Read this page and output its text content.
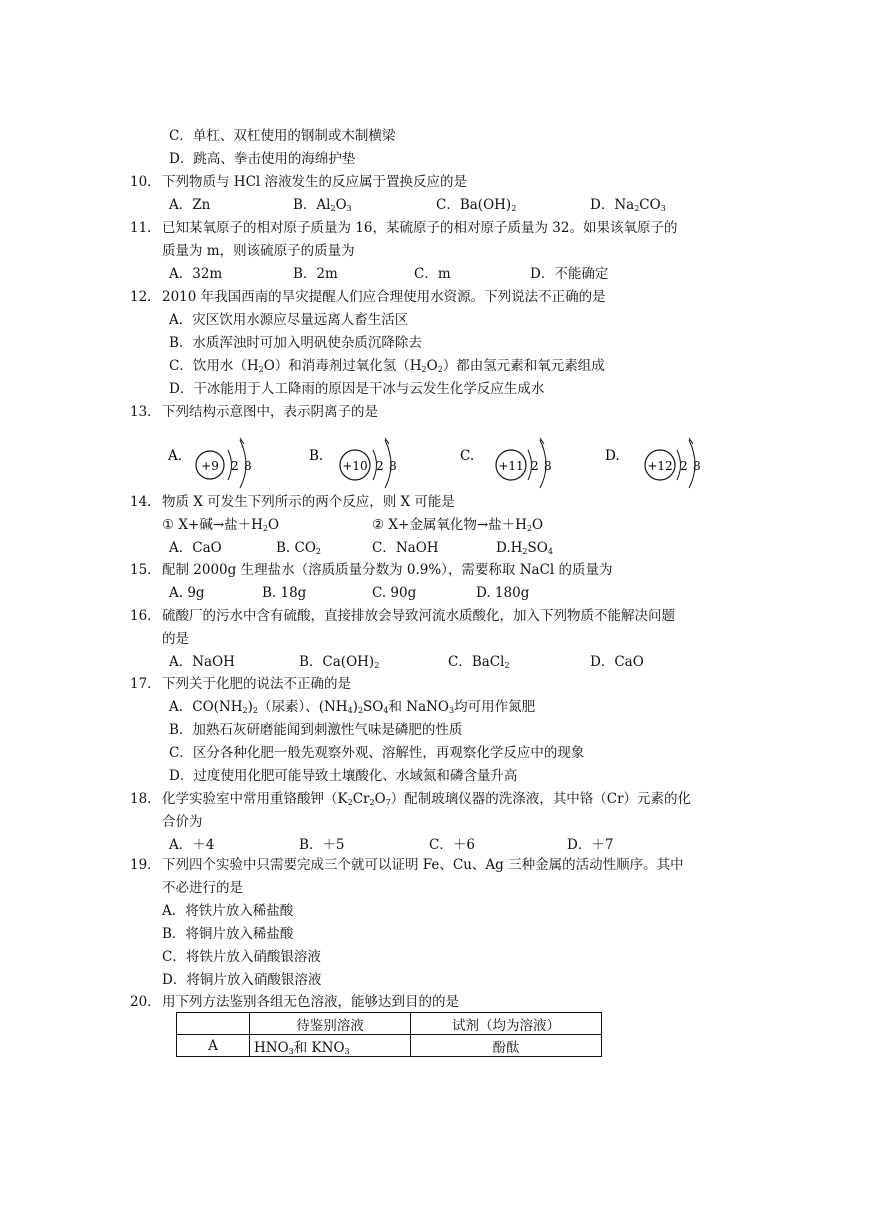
C．单杠、双杠使用的钢制或木制横梁
D．跳高、拳击使用的海绵护垫
10． 下列物质与 HCl 溶液发生的反应属于置换反应的是
A．Zn	B．$Al_2O_3$	C．$Ba(OH)_2$	D．$Na_2CO_3$
11． 已知某氧原子的相对原子质量为 16，某硫原子的相对原子质量为 32。如果该氧原子的
质量为 m，则该硫原子的质量为
A．32m	B．2m	C．m	D．不能确定
12． 2010 年我国西南的旱灾提醒人们应合理使用水资源。下列说法不正确的是
A．灾区饮用水源应尽量远离人畜生活区
B．水质浑浊时可加入明矾使杂质沉降除去
C．饮用水$(H_2O)$和消毒剂过氧化氢$(H_2O_2)$都由氢元素和氧元素组成
D．干冰能用于人工降雨的原因是干冰与云发生化学反应生成水
13． 下列结构示意图中，表示阴离子的是
A.
+9 2 8
B.
+10 2 8
C.
+11 2 8
D.
+12 2 8
14． 物质 X 可发生下列所示的两个反应，则 X 可能是
① X+碱→盐$+H_2O$	② X+金属氧化物→盐$+H_2O$
A．CaO	B. $CO_2$	C．NaOH	$D.H_2SO_4$
15． 配制 2000g 生理盐水（溶质质量分数为 0.9%），需要称取 NaCl 的质量为
A. 9g	B. 18g	C. 90g	D. 180g
16． 硫酸厂的污水中含有硫酸，直接排放会导致河流水质酸化，加入下列物质不能解决问题
的是
A．NaOH	B．$Ca(OH)_2$	C．BaCl$_2$	D．CaO
17． 下列关于化肥的说法不正确的是
A．$CO(NH_2)_2$（尿素）、$(NH_4)_2SO_4$和 NaNO$_3$均可用作氮肥
B．加熟石灰研磨能闻到刺激性气味是磷肥的性质
C．区分各种化肥一般先观察外观、溶解性，再观察化学反应中的现象
D．过度使用化肥可能导致土壤酸化、水域氮和磷含量升高
18． 化学实验室中常用重铬酸钾$(K_2Cr_2O_7)$配制玻璃仪器的洗涤液，其中铬（Cr）元素的化
合价为
A．＋4	B．＋5	C．＋6	D．＋7
19． 下列四个实验中只需要完成三个就可以证明 Fe、Cu、Ag 三种金属的活动性顺序。其中
不必进行的是
A．将铁片放入稀盐酸
B．将铜片放入稀盐酸
C．将铁片放入硝酸银溶液
D．将铜片放入硝酸银溶液
20． 用下列方法鉴别各组无色溶液，能够达到目的的是
	待鉴别溶液	试剂（均为溶液）
A	$HNO_3$和 $KNO_3$	酚酞
